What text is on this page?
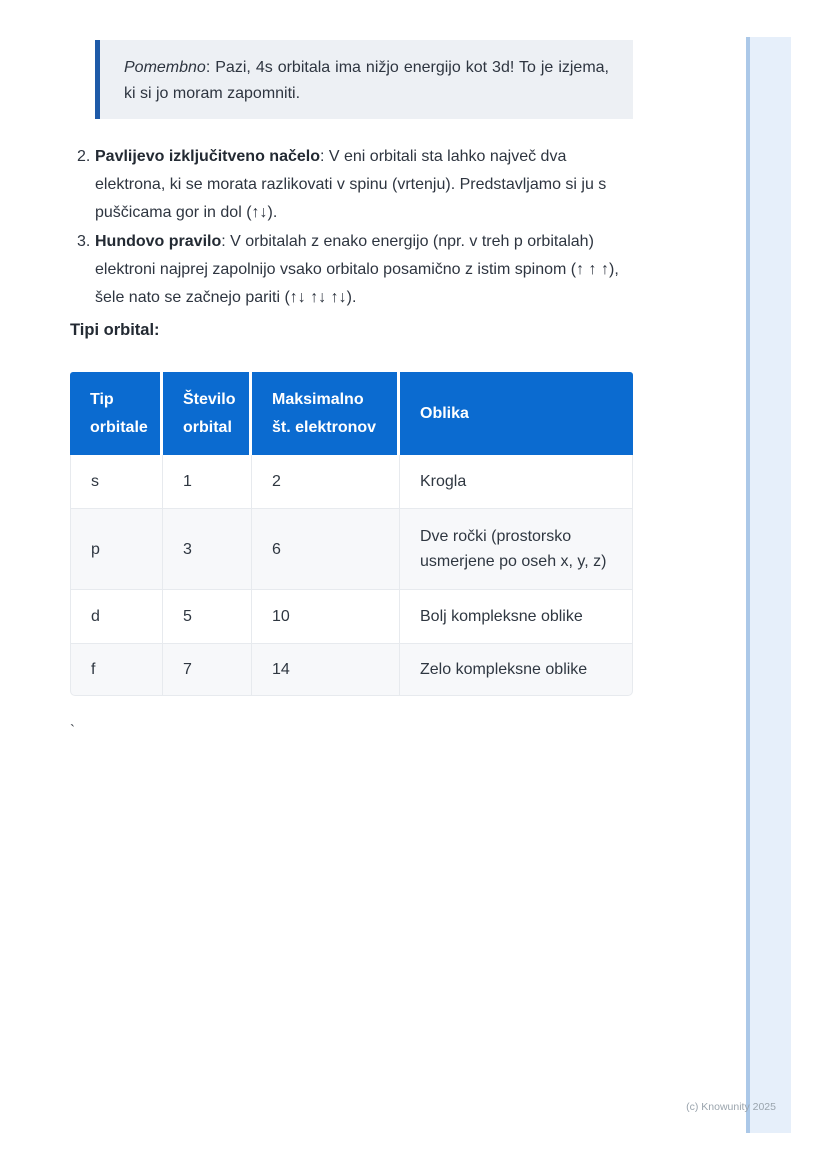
Pomembno: Pazi, 4s orbitala ima nižjo energijo kot 3d! To je izjema, ki si jo moram zapomniti.

2. Pavlijevo izključitveno načelo: V eni orbitali sta lahko največ dva elektrona, ki se morata razlikovati v spinu (vrtenju). Predstavljamo si ju s puščicama gor in dol (↑↓).
3. Hundovo pravilo: V orbitalah z enako energijo (npr. v treh p orbitalah) elektroni najprej zapolnijo vsako orbitalo posamično z istim spinom (↑ ↑ ↑), šele nato se začnejo pariti (↑↓ ↑↓ ↑↓).
Tipi orbital:
Tip orbitale	Število orbital	Maksimalno št. elektronov	Oblika
s	1	2	Krogla
p	3	6	Dve ročki (prostorsko usmerjene po oseh x, y, z)
d	5	10	Bolj kompleksne oblike
f	7	14	Zelo kompleksne oblike
`
(c) Knowunity 2025
